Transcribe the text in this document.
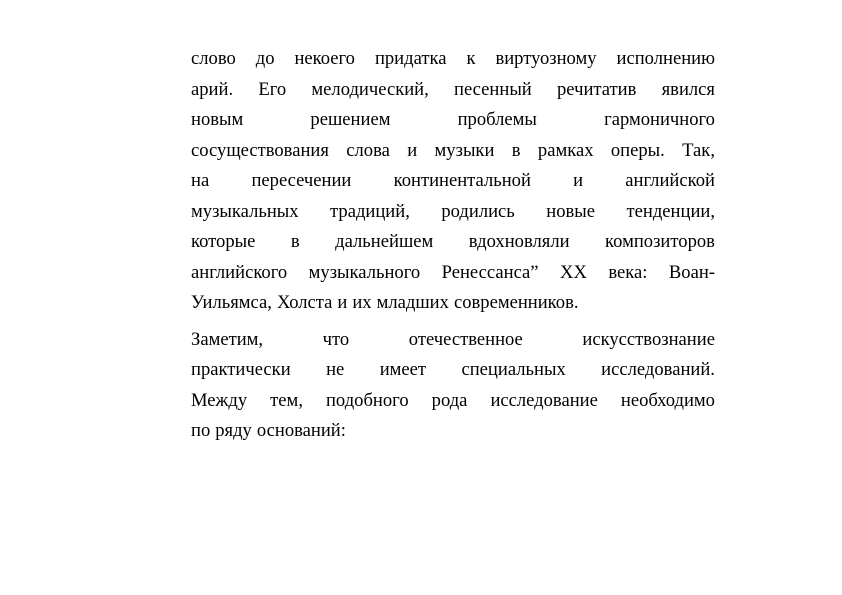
слово до некоего придатка к виртуозному исполнению
арий. Его мелодический, песенный речитатив явился
новым	решением	проблемы	гармоничного
сосуществования слова и музыки в рамках оперы. Так,
на пересечении континентальной и английской
музыкальных традиций, родились новые тенденции,
которые в дальнейшем вдохновляли композиторов
английского музыкального Ренессанса” ХХ века: Воан-
Уильямса, Холста и их младших современников.
Заметим,	что	отечественное	искусствознание
практически не имеет специальных исследований.
Между тем, подобного рода исследование необходимо
по ряду оснований:
